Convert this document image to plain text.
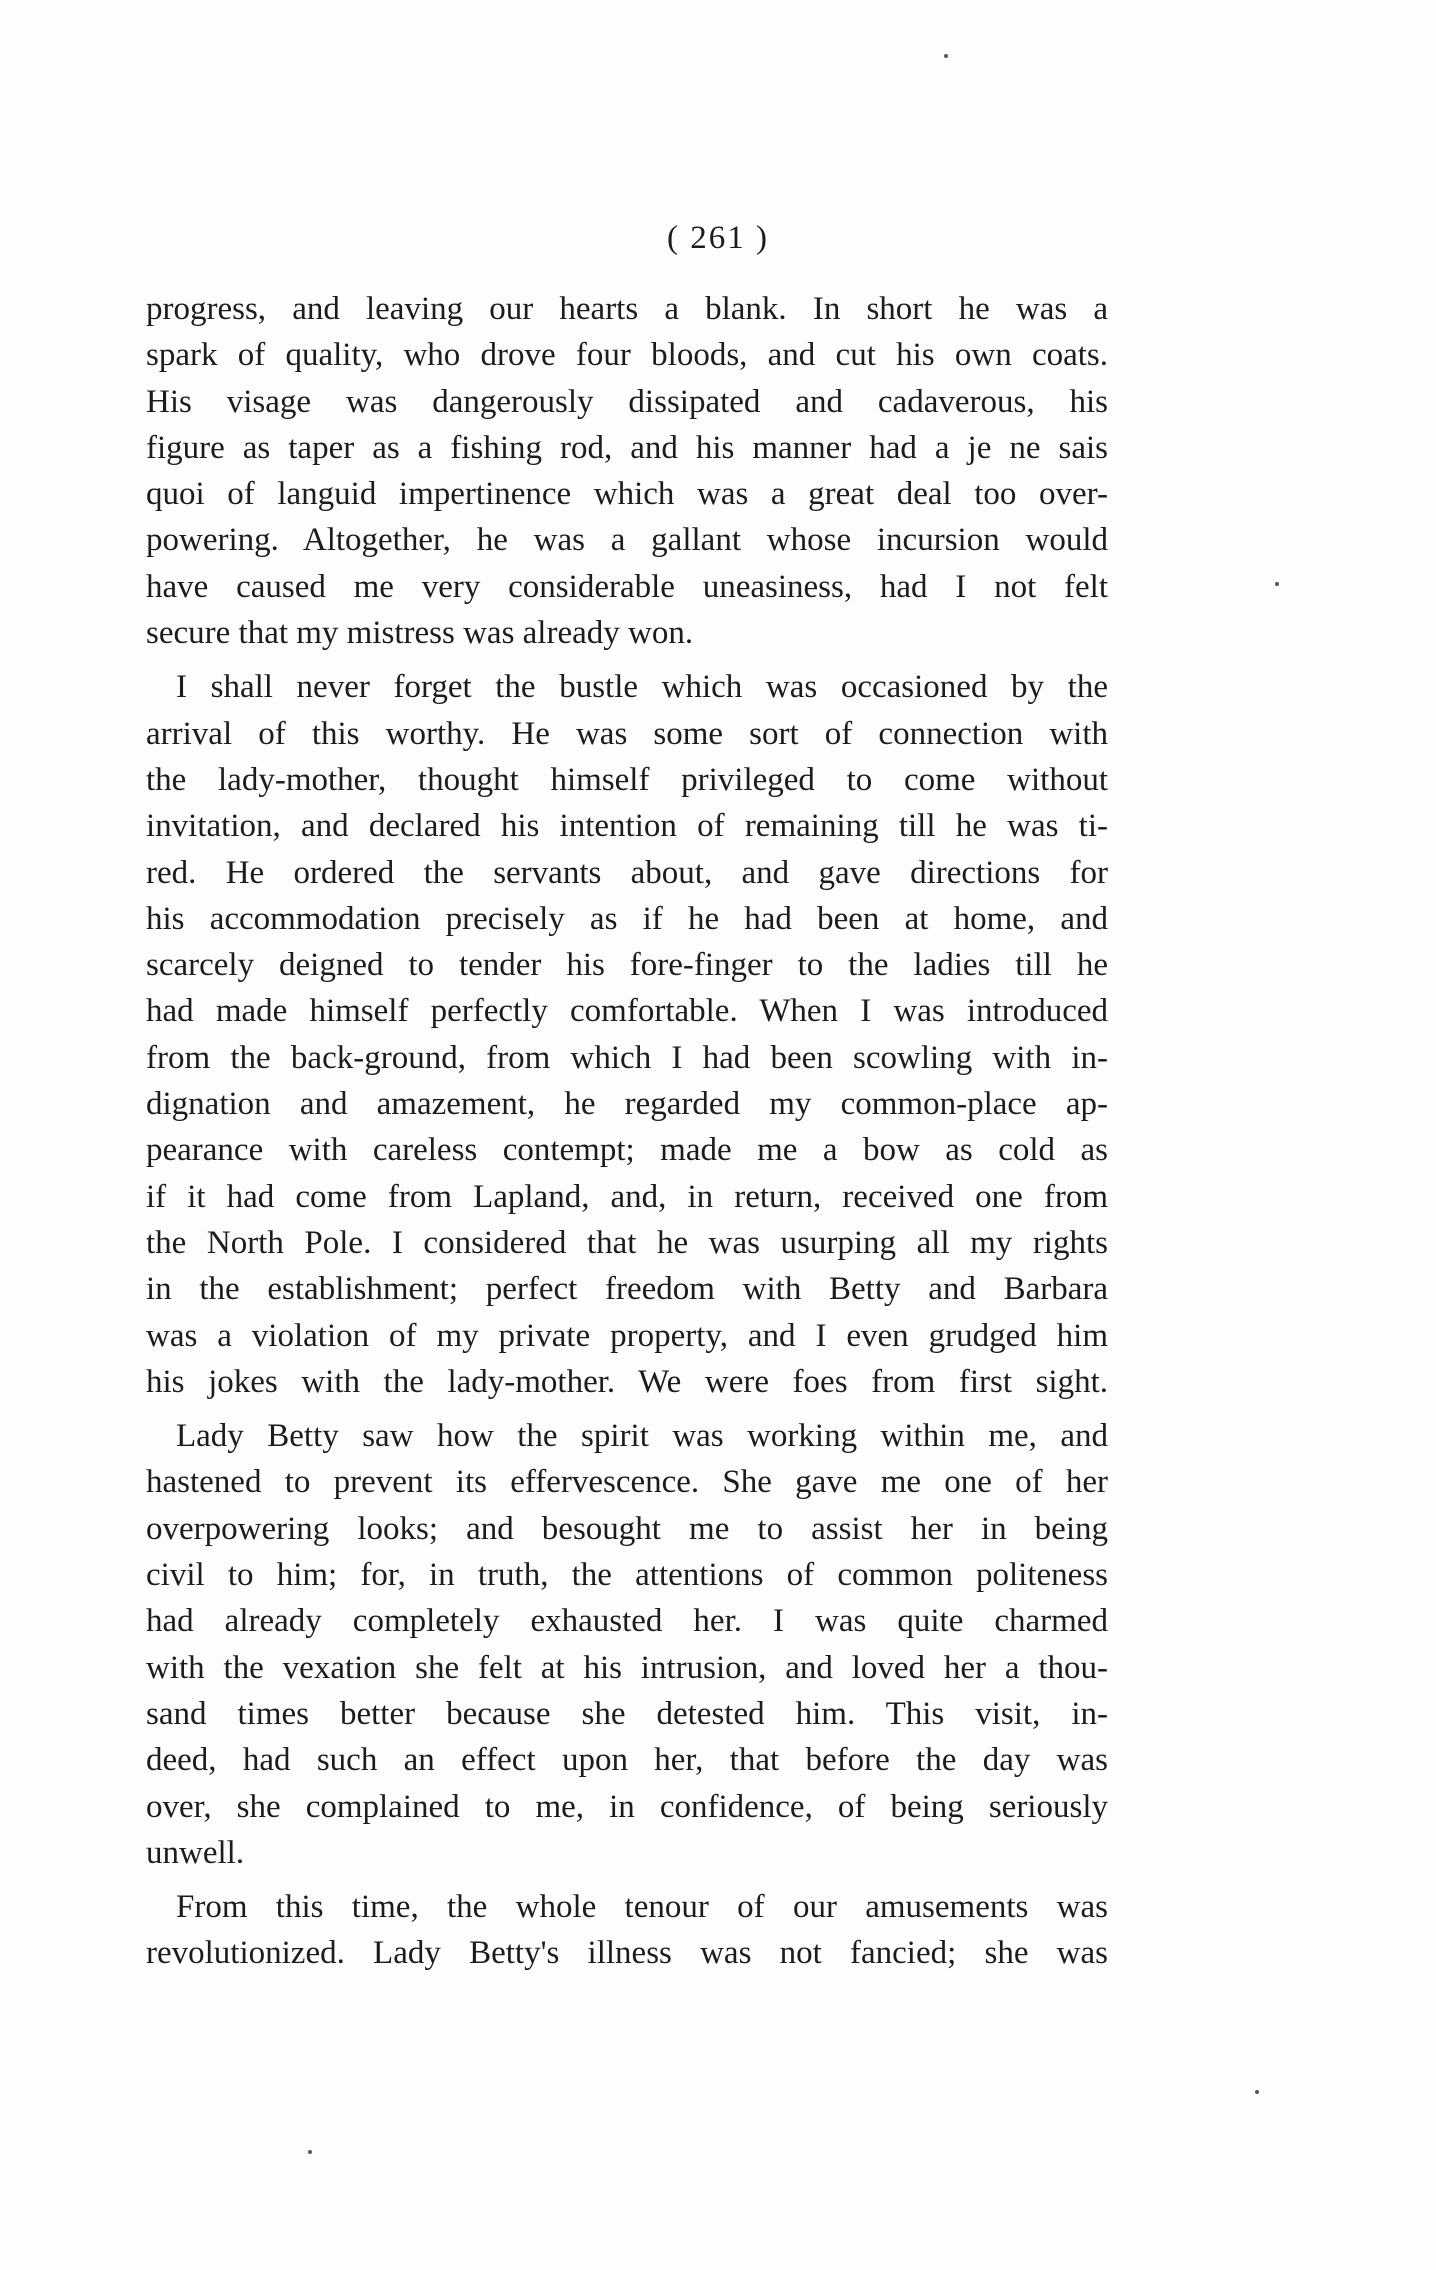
( 261 )
progress, and leaving our hearts a blank. In short he was a
spark of quality, who drove four bloods, and cut his own coats.
His visage was dangerously dissipated and cadaverous, his
figure as taper as a fishing rod, and his manner had a je ne sais
quoi of languid impertinence which was a great deal too over-
powering. Altogether, he was a gallant whose incursion would
have caused me very considerable uneasiness, had I not felt
secure that my mistress was already won.
I shall never forget the bustle which was occasioned by the
arrival of this worthy. He was some sort of connection with
the lady-mother, thought himself privileged to come without
invitation, and declared his intention of remaining till he was ti-
red. He ordered the servants about, and gave directions for
his accommodation precisely as if he had been at home, and
scarcely deigned to tender his fore-finger to the ladies till he
had made himself perfectly comfortable. When I was introduced
from the back-ground, from which I had been scowling with in-
dignation and amazement, he regarded my common-place ap-
pearance with careless contempt; made me a bow as cold as
if it had come from Lapland, and, in return, received one from
the North Pole. I considered that he was usurping all my rights
in the establishment; perfect freedom with Betty and Barbara
was a violation of my private property, and I even grudged him
his jokes with the lady-mother. We were foes from first sight.
Lady Betty saw how the spirit was working within me, and
hastened to prevent its effervescence. She gave me one of her
overpowering looks; and besought me to assist her in being
civil to him; for, in truth, the attentions of common politeness
had already completely exhausted her. I was quite charmed
with the vexation she felt at his intrusion, and loved her a thou-
sand times better because she detested him. This visit, in-
deed, had such an effect upon her, that before the day was
over, she complained to me, in confidence, of being seriously
unwell.
From this time, the whole tenour of our amusements was
revolutionized. Lady Betty's illness was not fancied; she was
